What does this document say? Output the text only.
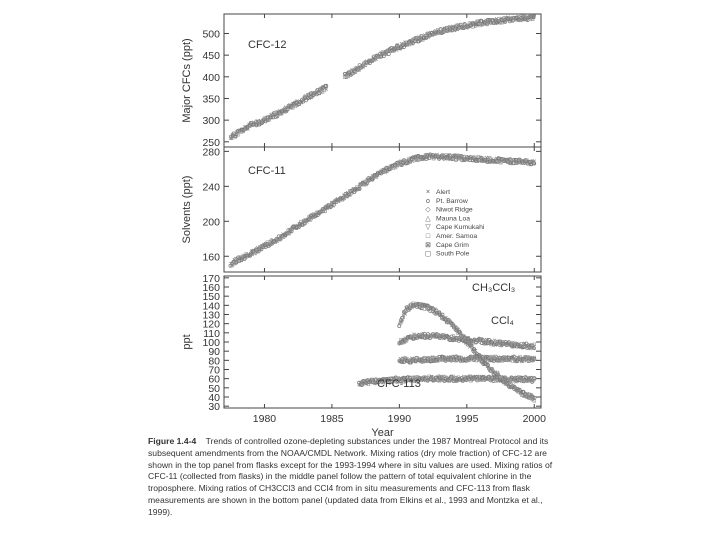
250
300
350
400
450
500
Major CFCs (ppt)	CFC-12
160
200
240
280
Solvents (ppt)
CFC-11
× Alert
o Pt. Barrow
◇ Niwot Ridge
△ Mauna Loa
▽ Cape Kumukahi
□ Amer. Samoa
⊠ Cape Grim
▢ South Pole
30
40
50
60
70
80
90
100
110
120
130
140
150
160
170
ppt
1980	1985	1990	1995	2000
Year
CH₃CCl₃
CCl₄
CFC-113
Figure 1.4-4 Trends of controlled ozone-depleting substances under the 1987 Montreal Protocol and its subsequent amendments from the NOAA/CMDL Network. Mixing ratios (dry mole fraction) of CFC-12 are shown in the top panel from flasks except for the 1993-1994 where in situ values are used. Mixing ratios of CFC-11 (collected from flasks) in the middle panel follow the pattern of total equivalent chlorine in the troposphere. Mixing ratios of CH3CCl3 and CCl4 from in situ measurements and CFC-113 from flask measurements are shown in the bottom panel (updated data from Elkins et al., 1993 and Montzka et al., 1999).
